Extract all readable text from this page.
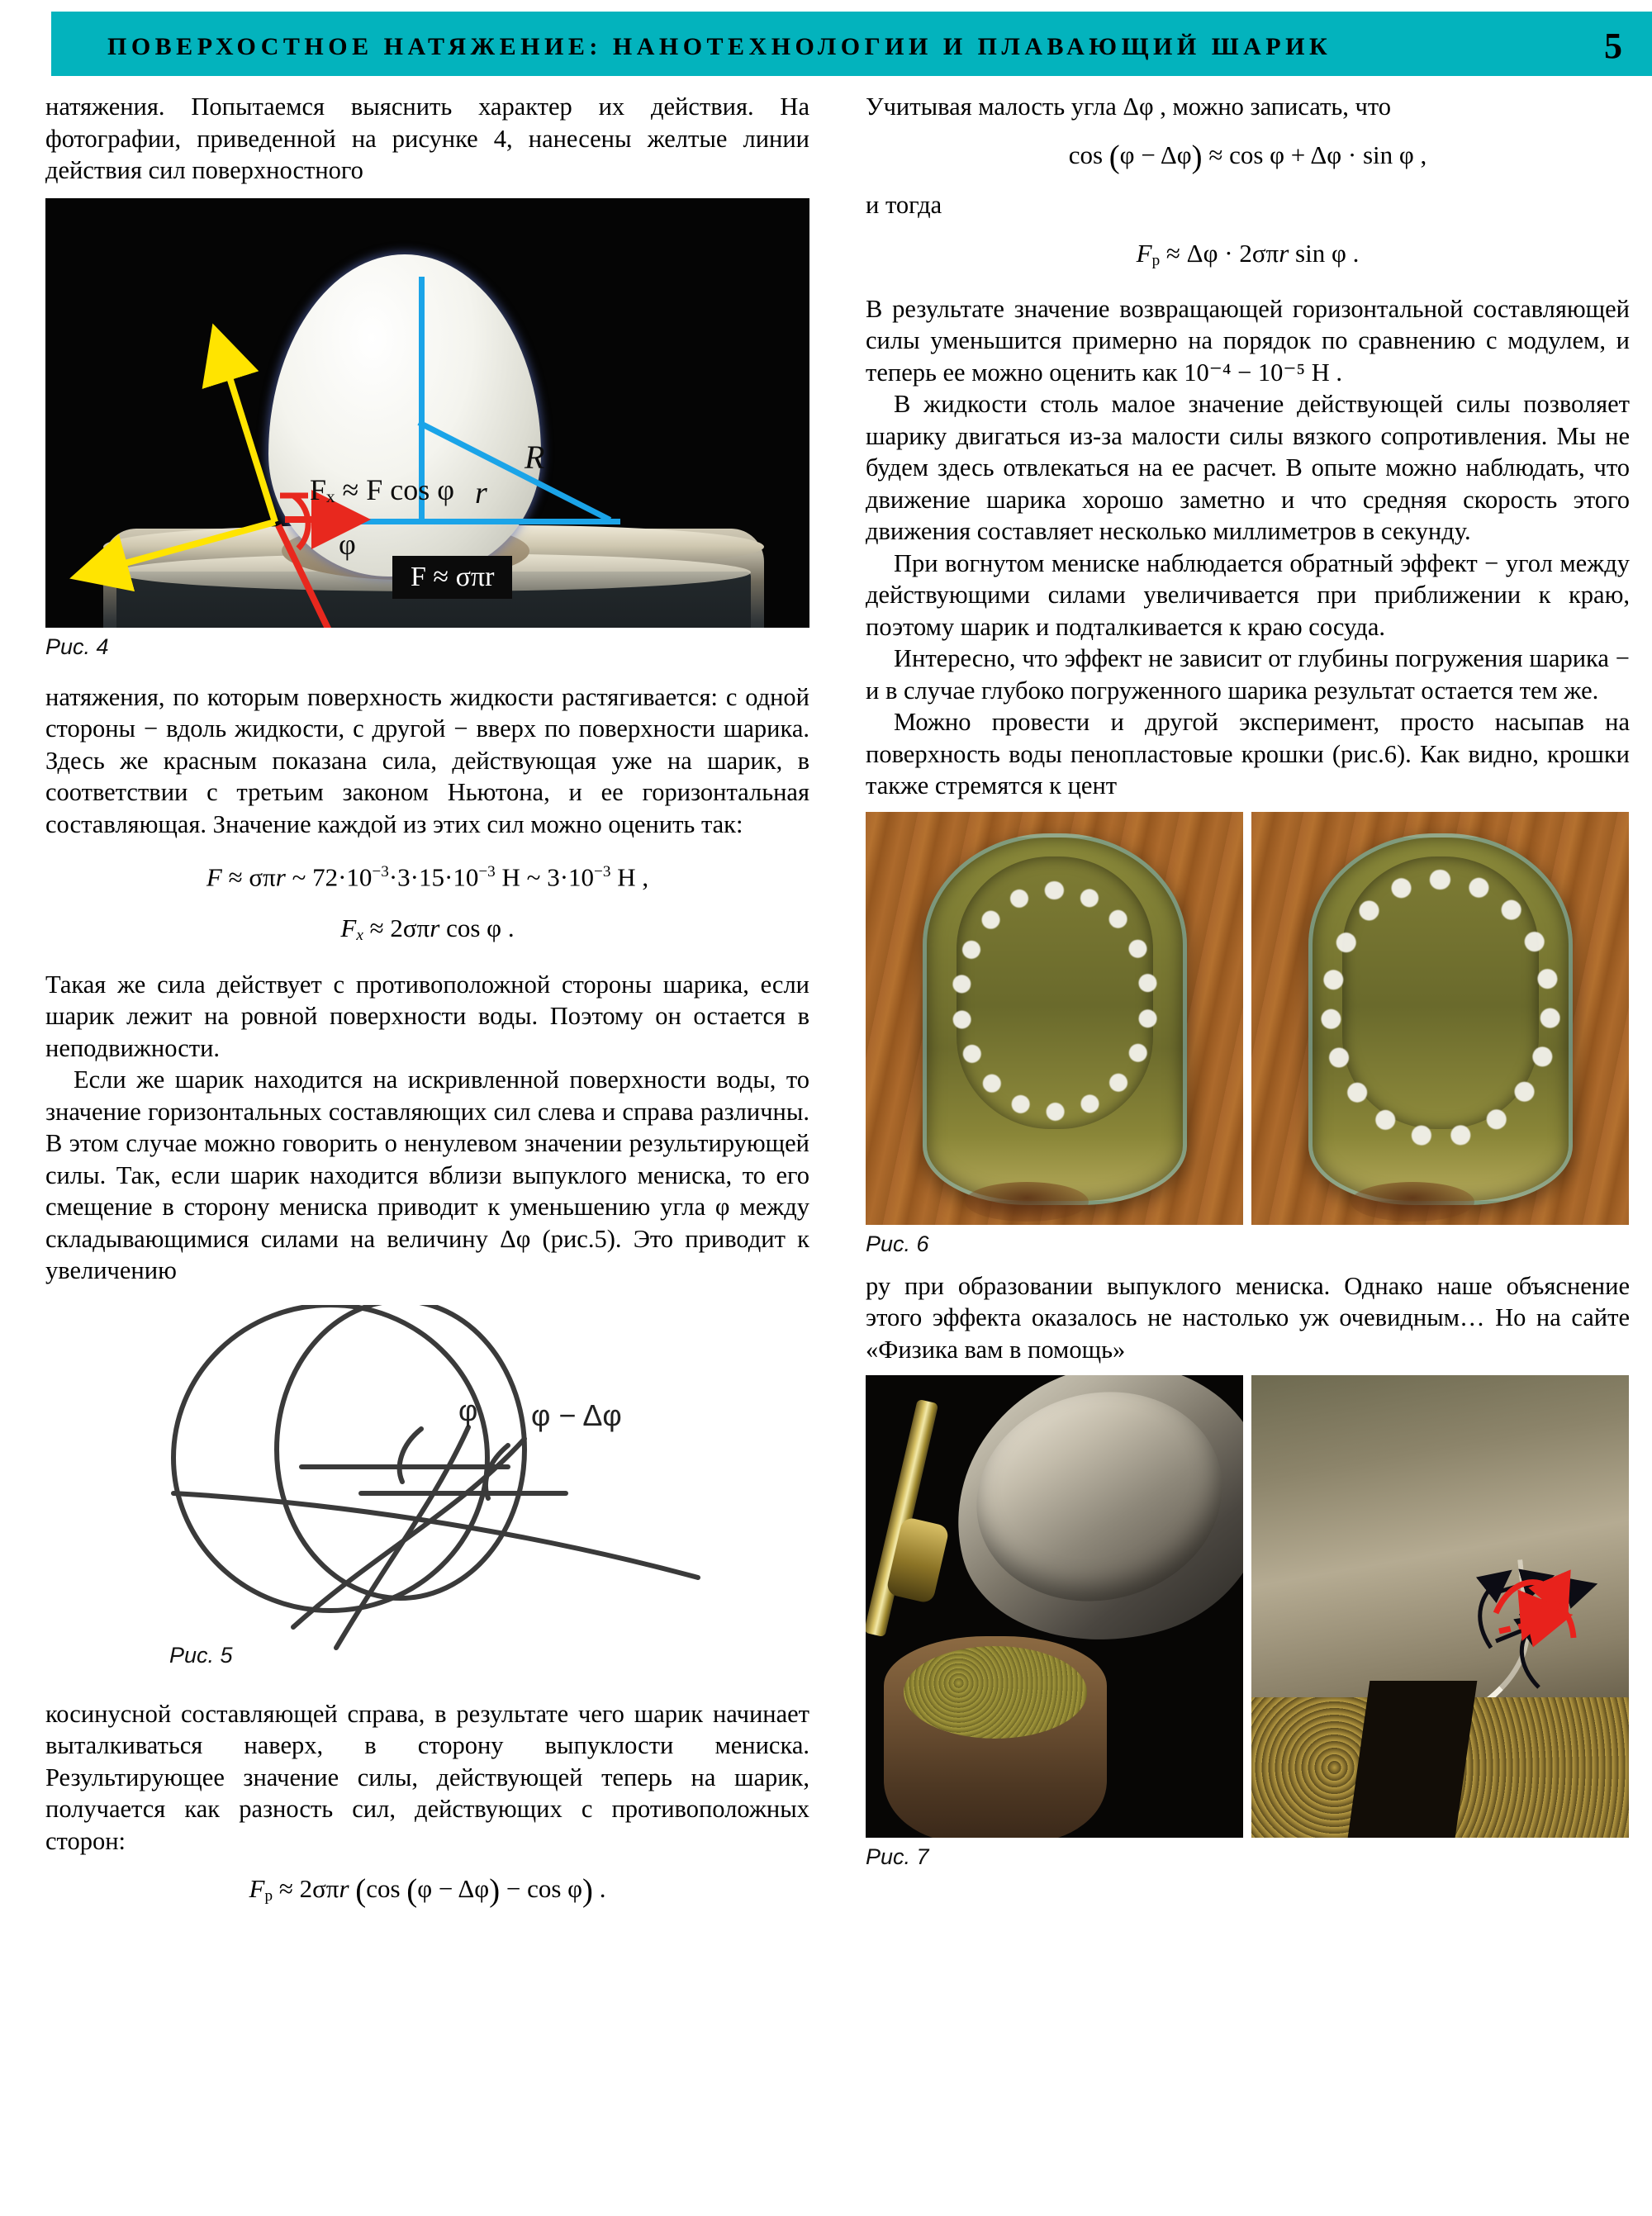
ПОВЕРХОСТНОЕ НАТЯЖЕНИЕ: НАНОТЕХНОЛОГИИ И ПЛАВАЮЩИЙ ШАРИК	5

натяжения. Попытаемся выяснить характер их действия. На фотографии, приведенной на рисунке 4, нанесены желтые линии действия сил поверхностного

R
r
Fₓ ≈ F cos φ
φ
F ≈ σπr
Рис. 4

натяжения, по которым поверхность жидкости растягивается: с одной стороны − вдоль жидкости, с другой − вверх по поверхности шарика. Здесь же красным показана сила, действующая уже на шарик, в соответствии с третьим законом Ньютона, и ее горизонтальная составляющая. Значение каждой из этих сил можно оценить так:

F ≈ σπr ~ $72\cdot 10^{-3}\cdot 3\cdot 15\cdot 10^{-3}$ Н ~ $3\cdot 10^{-3}$ Н ,
$F_x \approx 2\sigma\pi r$ cos φ .

Такая же сила действует с противоположной стороны шарика, если шарик лежит на ровной поверхности воды. Поэтому он остается в неподвижности.

Если же шарик находится на искривленной поверхности воды, то значение горизонтальных составляющих сил слева и справа различны. В этом случае можно говорить о ненулевом значении результирующей силы. Так, если шарик находится вблизи выпуклого мениска, то его смещение в сторону мениска приводит к уменьшению угла φ между складывающимися силами на величину Δφ (рис.5). Это приводит к увеличению

φ φ − Δφ
Рис. 5

косинусной составляющей справа, в результате чего шарик начинает выталкиваться наверх, в сторону выпуклости мениска. Результирующее значение силы, действующей теперь на шарик, получается как разность сил, действующих с противоположных сторон:

$F_р \approx 2\sigma\pi r$ (cos (φ − Δφ) − cos φ) .

Учитывая малость угла Δφ , можно записать, что

cos (φ − Δφ) ≈ cos φ + Δφ · sin φ ,

и тогда

$F_р \approx \Delta\varphi \cdot 2\sigma\pi r$ sin φ .

В результате значение возвращающей горизонтальной составляющей силы уменьшится примерно на порядок по сравнению с модулем, и теперь ее можно оценить как 10⁻⁴ − 10⁻⁵ Н .

В жидкости столь малое значение действующей силы позволяет шарику двигаться из-за малости силы вязкого сопротивления. Мы не будем здесь отвлекаться на ее расчет. В опыте можно наблюдать, что движение шарика хорошо заметно и что средняя скорость этого движения составляет несколько миллиметров в секунду.

При вогнутом мениске наблюдается обратный эффект − угол между действующими силами увеличивается при приближении к краю, поэтому шарик и подталкивается к краю сосуда.

Интересно, что эффект не зависит от глубины погружения шарика − и в случае глубоко погруженного шарика результат остается тем же.

Можно провести и другой эксперимент, просто насыпав на поверхность воды пенопластовые крошки (рис.6). Как видно, крошки также стремятся к цент

Рис. 6

ру при образовании выпуклого мениска. Однако наше объяснение этого эффекта оказалось не настолько уж очевидным… Но на сайте «Физика вам в помощь»

Рис. 7
